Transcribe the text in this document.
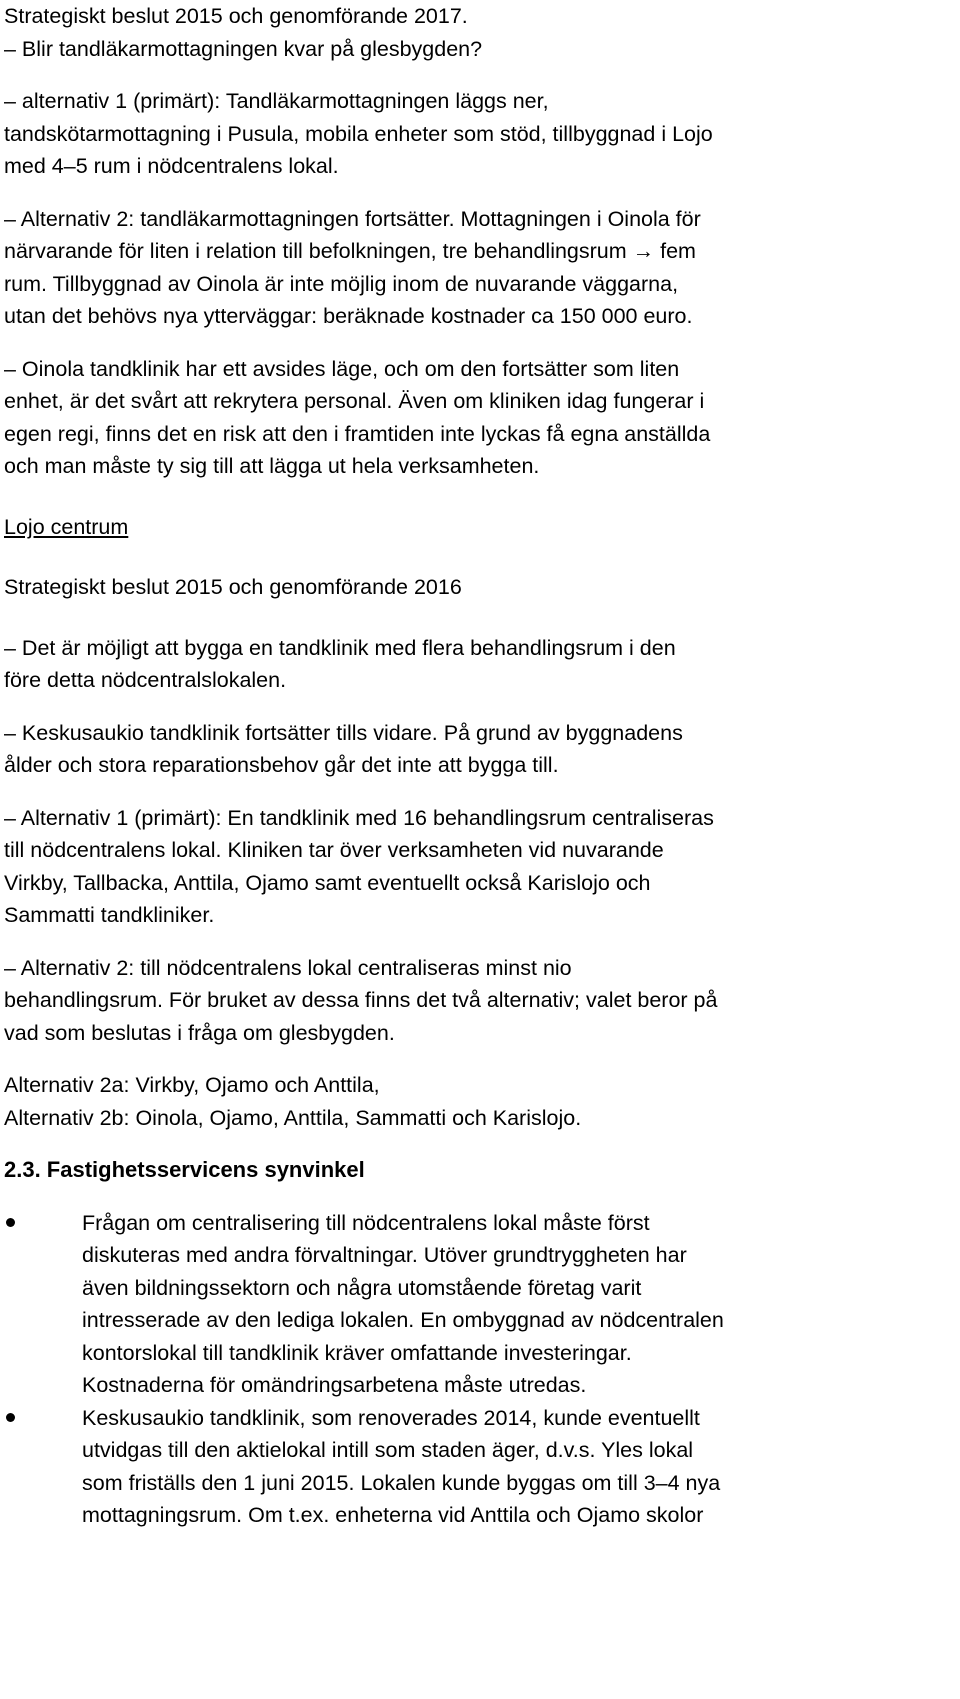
Strategiskt beslut 2015 och genomförande 2017.
– Blir tandläkarmottagningen kvar på glesbygden?
– alternativ 1 (primärt): Tandläkarmottagningen läggs ner,
tandskötarmottagning i Pusula, mobila enheter som stöd, tillbyggnad i Lojo
med 4–5 rum i nödcentralens lokal.
– Alternativ 2: tandläkarmottagningen fortsätter. Mottagningen i Oinola för
närvarande för liten i relation till befolkningen, tre behandlingsrum → fem
rum. Tillbyggnad av Oinola är inte möjlig inom de nuvarande väggarna,
utan det behövs nya ytterväggar: beräknade kostnader ca 150 000 euro.
– Oinola tandklinik har ett avsides läge, och om den fortsätter som liten
enhet, är det svårt att rekrytera personal. Även om kliniken idag fungerar i
egen regi, finns det en risk att den i framtiden inte lyckas få egna anställda
och man måste ty sig till att lägga ut hela verksamheten.
Lojo centrum
Strategiskt beslut 2015 och genomförande 2016
– Det är möjligt att bygga en tandklinik med flera behandlingsrum i den
före detta nödcentralslokalen.
– Keskusaukio tandklinik fortsätter tills vidare. På grund av byggnadens
ålder och stora reparationsbehov går det inte att bygga till.
– Alternativ 1 (primärt): En tandklinik med 16 behandlingsrum centraliseras
till nödcentralens lokal. Kliniken tar över verksamheten vid nuvarande
Virkby, Tallbacka, Anttila, Ojamo samt eventuellt också Karislojo och
Sammatti tandkliniker.
– Alternativ 2: till nödcentralens lokal centraliseras minst nio
behandlingsrum. För bruket av dessa finns det två alternativ; valet beror på
vad som beslutas i fråga om glesbygden.
Alternativ 2a: Virkby, Ojamo och Anttila,
Alternativ 2b: Oinola, Ojamo, Anttila, Sammatti och Karislojo.
2.3. Fastighetsservicens synvinkel
Frågan om centralisering till nödcentralens lokal måste först
diskuteras med andra förvaltningar. Utöver grundtryggheten har
även bildningssektorn och några utomstående företag varit
intresserade av den lediga lokalen. En ombyggnad av nödcentralen
kontorslokal till tandklinik kräver omfattande investeringar.
Kostnaderna för omändringsarbetena måste utredas.
Keskusaukio tandklinik, som renoverades 2014, kunde eventuellt
utvidgas till den aktielokal intill som staden äger, d.v.s. Yles lokal
som friställs den 1 juni 2015. Lokalen kunde byggas om till 3–4 nya
mottagningsrum. Om t.ex. enheterna vid Anttila och Ojamo skolor
